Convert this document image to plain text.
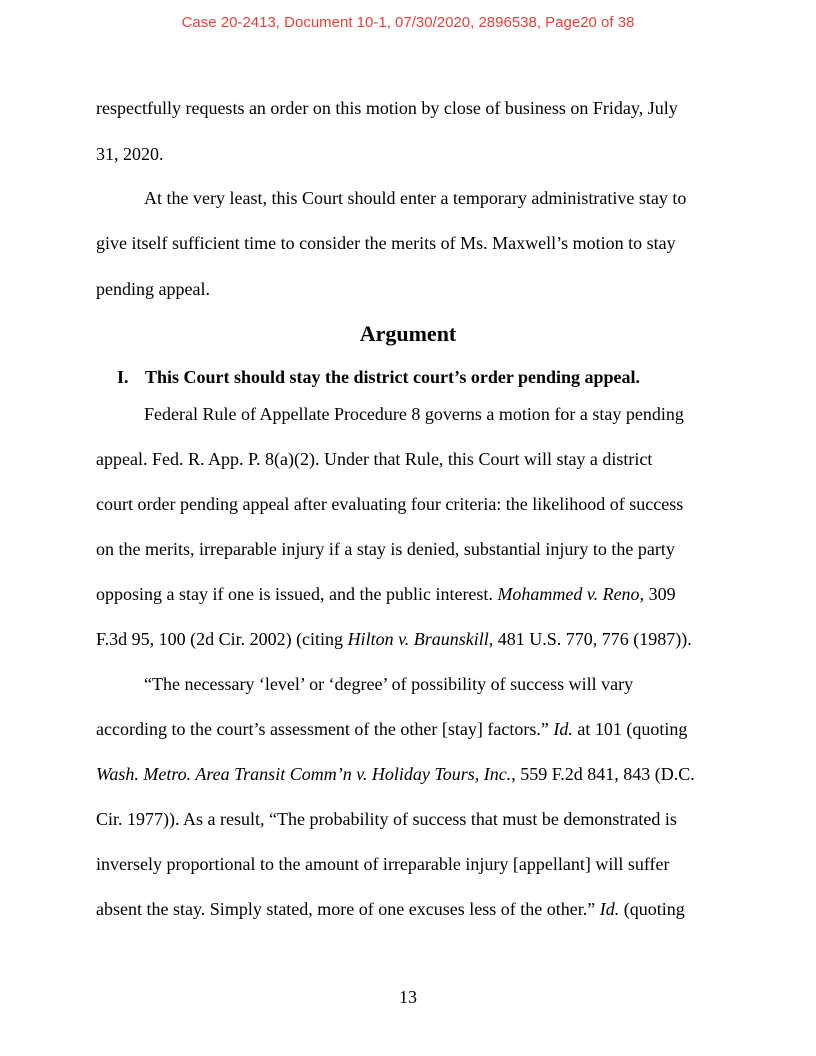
Case 20-2413, Document 10-1, 07/30/2020, 2896538, Page20 of 38
respectfully requests an order on this motion by close of business on Friday, July
31, 2020.
At the very least, this Court should enter a temporary administrative stay to
give itself sufficient time to consider the merits of Ms. Maxwell’s motion to stay
pending appeal.
Argument
I. This Court should stay the district court’s order pending appeal.
Federal Rule of Appellate Procedure 8 governs a motion for a stay pending
appeal. Fed. R. App. P. 8(a)(2). Under that Rule, this Court will stay a district
court order pending appeal after evaluating four criteria: the likelihood of success
on the merits, irreparable injury if a stay is denied, substantial injury to the party
opposing a stay if one is issued, and the public interest. Mohammed v. Reno, 309
F.3d 95, 100 (2d Cir. 2002) (citing Hilton v. Braunskill, 481 U.S. 770, 776 (1987)).
“The necessary ‘level’ or ‘degree’ of possibility of success will vary
according to the court’s assessment of the other [stay] factors.” Id. at 101 (quoting
Wash. Metro. Area Transit Comm’n v. Holiday Tours, Inc., 559 F.2d 841, 843 (D.C.
Cir. 1977)). As a result, “The probability of success that must be demonstrated is
inversely proportional to the amount of irreparable injury [appellant] will suffer
absent the stay. Simply stated, more of one excuses less of the other.” Id. (quoting
13
